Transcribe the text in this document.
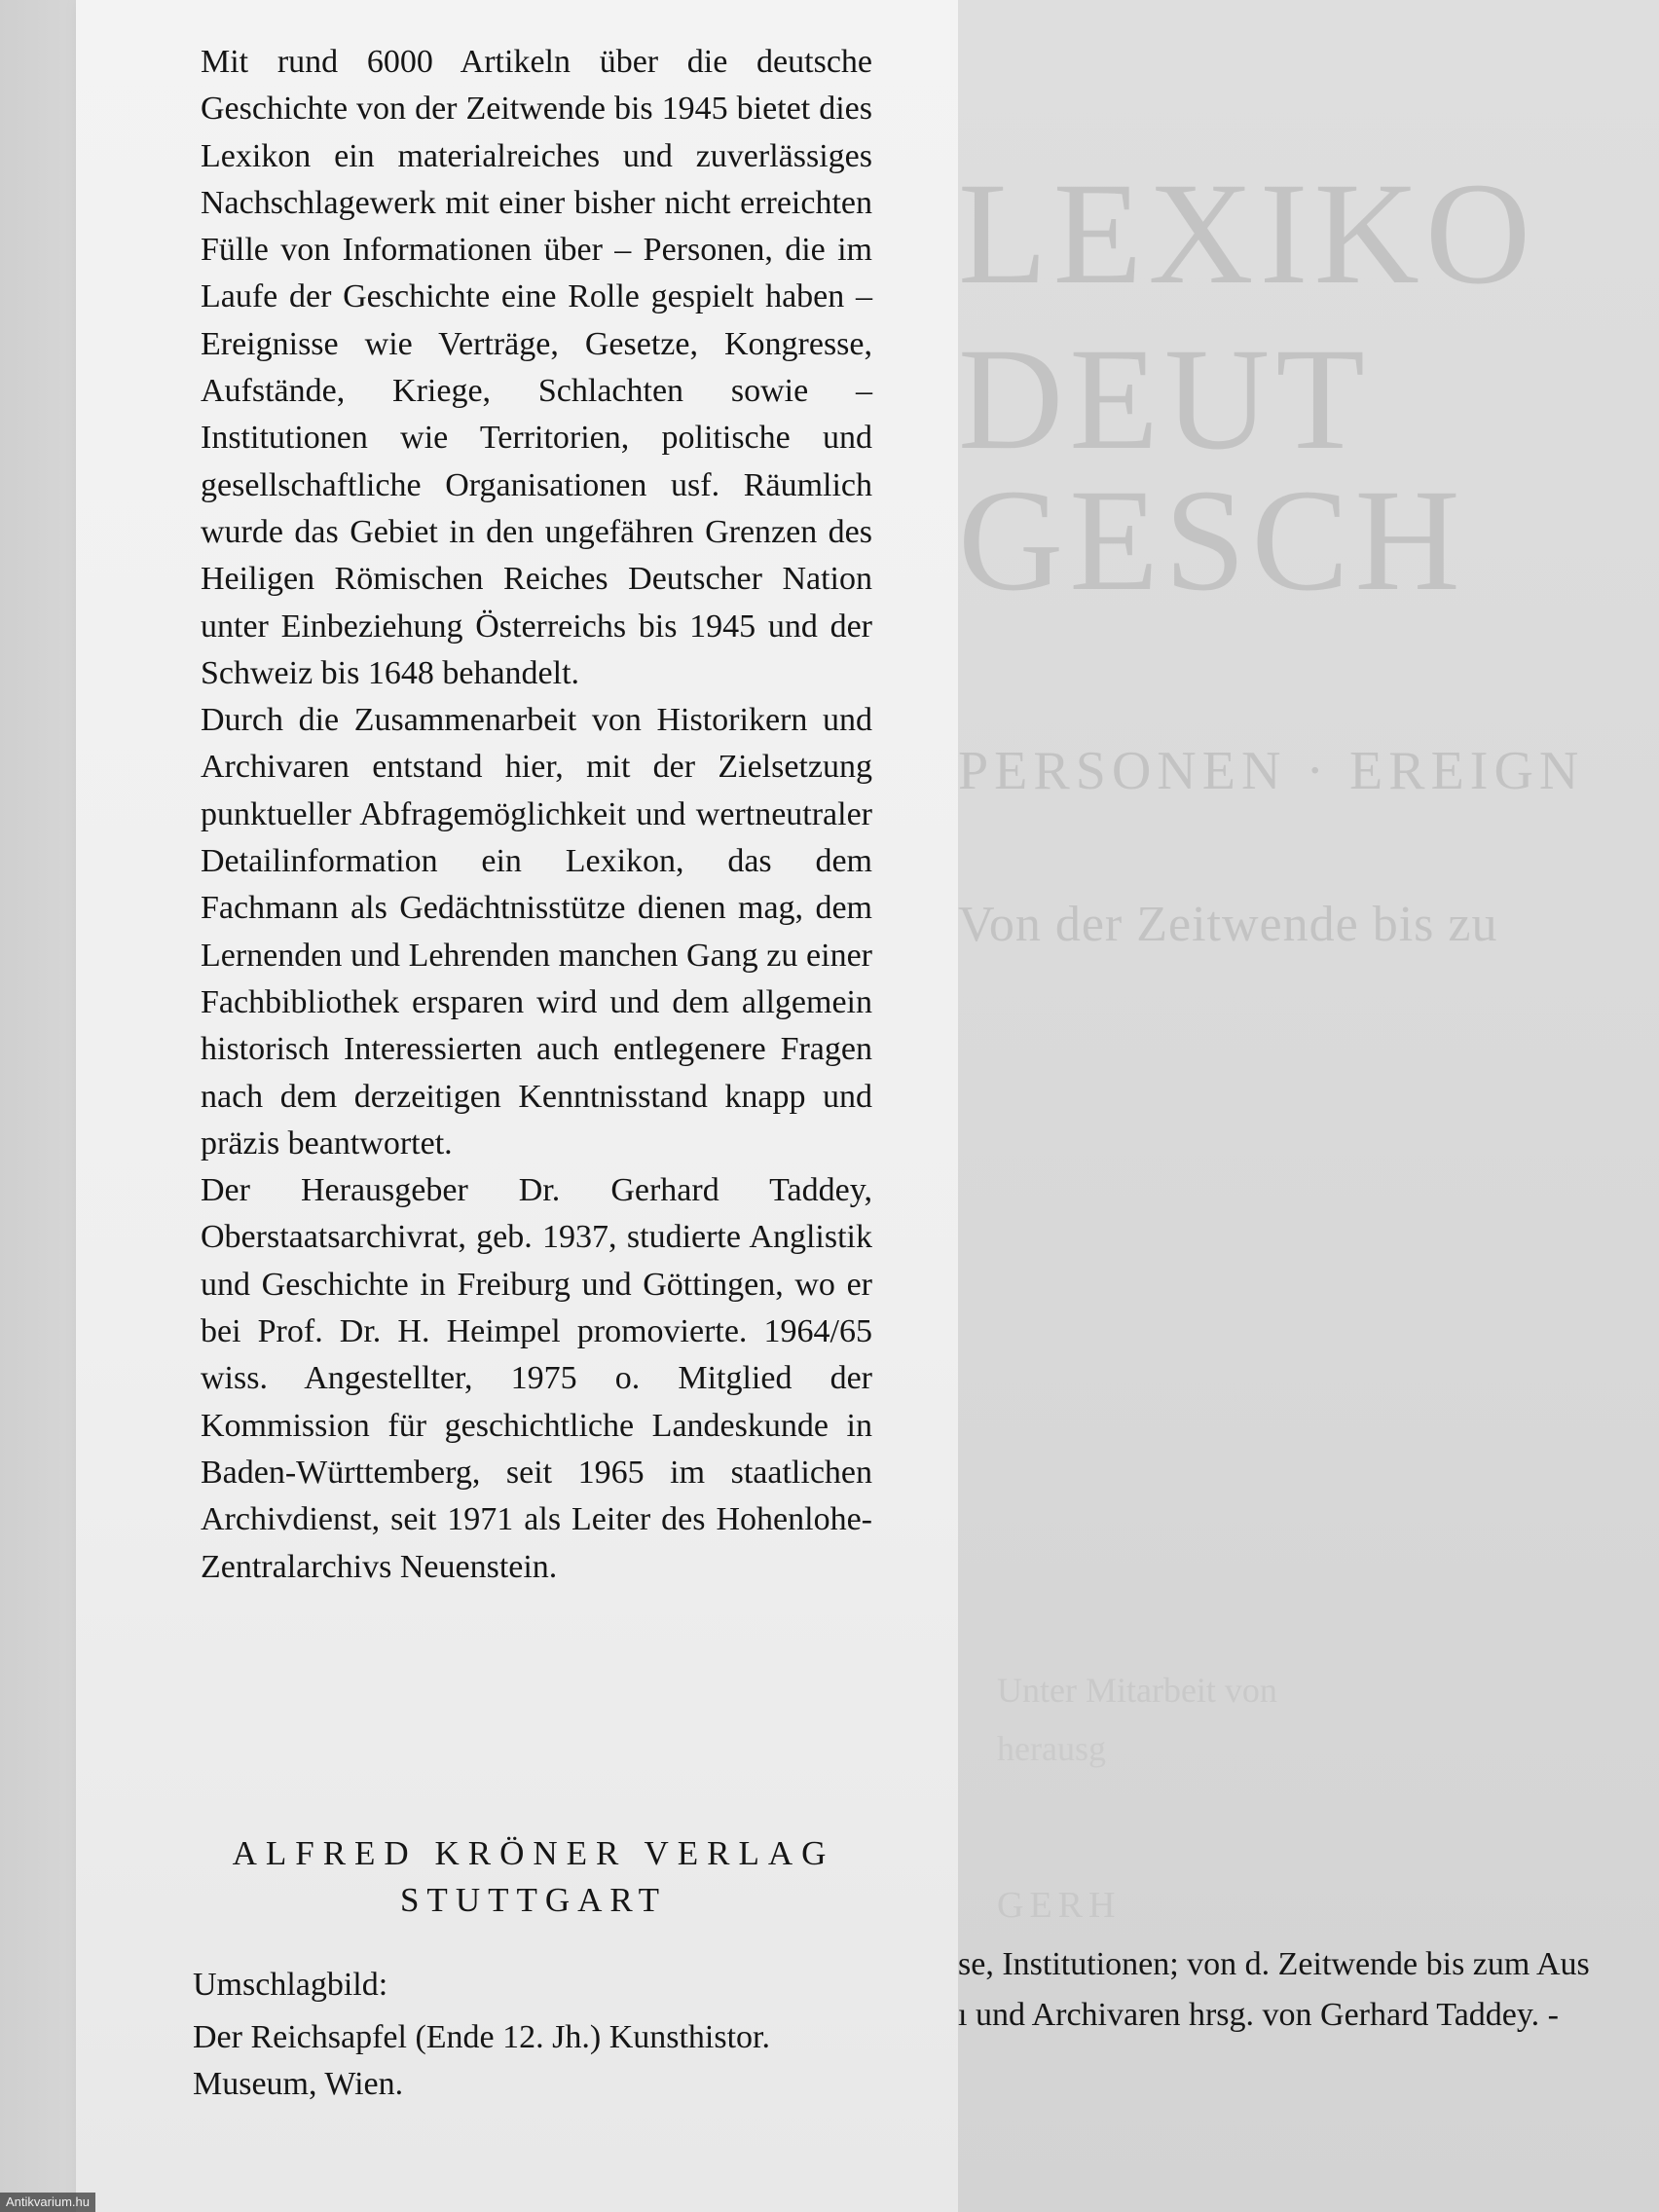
Mit rund 6000 Artikeln über die deutsche Geschichte von der Zeitwende bis 1945 bietet dies Lexikon ein materialreiches und zuverlässiges Nachschlagewerk mit einer bisher nicht erreichten Fülle von Informationen über – Personen, die im Laufe der Geschichte eine Rolle gespielt haben – Ereignisse wie Verträge, Gesetze, Kongresse, Aufstände, Kriege, Schlachten sowie – Institutionen wie Territorien, politische und gesellschaftliche Organisationen usf. Räumlich wurde das Gebiet in den ungefähren Grenzen des Heiligen Römischen Reiches Deutscher Nation unter Einbeziehung Österreichs bis 1945 und der Schweiz bis 1648 behandelt.

Durch die Zusammenarbeit von Historikern und Archivaren entstand hier, mit der Zielsetzung punktueller Abfragemöglichkeit und wertneutraler Detailinformation ein Lexikon, das dem Fachmann als Gedächtnisstütze dienen mag, dem Lernenden und Lehrenden manchen Gang zu einer Fachbibliothek ersparen wird und dem allgemein historisch Interessierten auch entlegenere Fragen nach dem derzeitigen Kenntnisstand knapp und präzis beantwortet.

Der Herausgeber Dr. Gerhard Taddey, Oberstaatsarchivrat, geb. 1937, studierte Anglistik und Geschichte in Freiburg und Göttingen, wo er bei Prof. Dr. H. Heimpel promovierte. 1964/65 wiss. Angestellter, 1975 o. Mitglied der Kommission für geschichtliche Landeskunde in Baden-Württemberg, seit 1965 im staatlichen Archivdienst, seit 1971 als Leiter des Hohenlohe-Zentralarchivs Neuenstein.

ALFRED KRÖNER VERLAG
STUTTGART

Umschlagbild:

Der Reichsapfel (Ende 12. Jh.) Kunsthistor.

Museum, Wien.

LEXIKO
DEUT
GESCH
PERSONEN · EREIGN
Von der Zeitwende bis zu
Unter Mitarbeit von
herausg
GERH

se, Institutionen; von d. Zeitwende bis zum Aus

ı und Archivaren hrsg. von Gerhard Taddey. -

Antikvarium.hu
